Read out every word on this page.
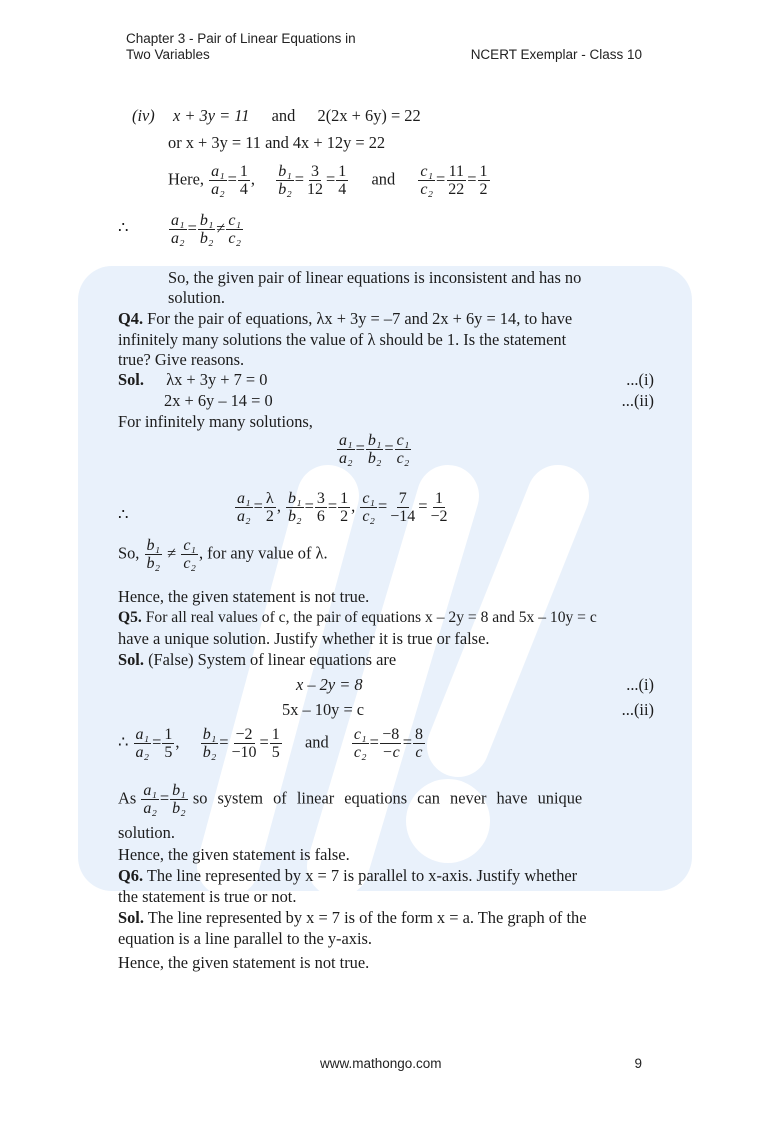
Chapter 3 - Pair of Linear Equations in
Two Variables	NCERT Exemplar - Class 10
(iv) x + 3y = 11 and 2(2x + 6y) = 22
or x + 3y = 11 and 4x + 12y = 22
Here, $\frac{\text{a₁}}{\text{a₂}} = \frac{1}{4}$ , $\frac{\text{b₁}}{\text{b₂}} = \frac{3}{12} = \frac{1}{4}$ and $\frac{\text{c₁}}{\text{c₂}} = \frac{11}{22} = \frac{1}{2}$
∴	$\frac{\text{a₁}}{\text{a₂}} = \frac{\text{b₁}}{\text{b₂}} \ne \frac{\text{c₁}}{\text{c₂}}$
So, the given pair of linear equations is inconsistent and has no
solution.
Q4. For the pair of equations, λx + 3y = –7 and 2x + 6y = 14, to have
infinitely many solutions the value of λ should be 1. Is the statement
true? Give reasons.
Sol. λx + 3y + 7 = 0	...(i)
2x + 6y – 14 = 0	...(ii)
For infinitely many solutions,
$\frac{\text{a₁}}{\text{a₂}} = \frac{\text{b₁}}{\text{b₂}} = \frac{\text{c₁}}{\text{c₂}}$
∴	$\frac{\text{a₁}}{\text{a₂}} = \frac{\lambda}{2}$ , $\frac{\text{b₁}}{\text{b₂}} = \frac{3}{6} = \frac{1}{2}$ , $\frac{\text{c₁}}{\text{c₂}} = \frac{7}{-14} = \frac{1}{-2}$
So, $\frac{\text{b₁}}{\text{b₂}} \ne \frac{\text{c₁}}{\text{c₂}}$ , for any value of λ.
Hence, the given statement is not true.
Q5. For all real values of c, the pair of equations x – 2y = 8 and 5x – 10y = c
have a unique solution. Justify whether it is true or false.
Sol. (False) System of linear equations are
x – 2y = 8	...(i)
5x – 10y = c	...(ii)
∴ $\frac{\text{a₁}}{\text{a₂}} = \frac{1}{5}$ , $\frac{\text{b₁}}{\text{b₂}} = \frac{-2}{-10} = \frac{1}{5}$ and $\frac{\text{c₁}}{\text{c₂}} = \frac{-8}{-c} = \frac{8}{c}$
As $\frac{\text{a₁}}{\text{a₂}} = \frac{\text{b₁}}{\text{b₂}}$ so system of linear equations can never have unique
solution.
Hence, the given statement is false.
Q6. The line represented by x = 7 is parallel to x-axis. Justify whether
the statement is true or not.
Sol. The line represented by x = 7 is of the form x = a. The graph of the
equation is a line parallel to the y-axis.
Hence, the given statement is not true.
www.mathongo.com	9
